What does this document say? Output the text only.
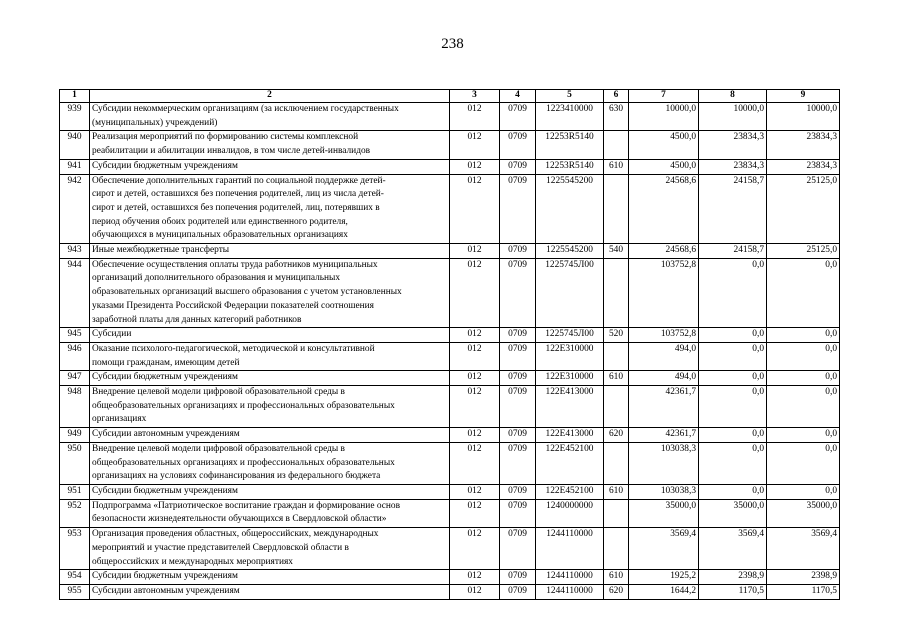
238
1	2	3	4	5	6	7	8	9
939	Субсидии некоммерческим организациям (за исключением государственных
(муниципальных) учреждений)	012	0709	1223410000	630	10000,0	10000,0	10000,0
940	Реализация мероприятий по формированию системы комплексной
реабилитации и абилитации инвалидов, в том числе детей-инвалидов	012	0709	12253R5140		4500,0	23834,3	23834,3
941	Субсидии бюджетным учреждениям	012	0709	12253R5140	610	4500,0	23834,3	23834,3
942	Обеспечение дополнительных гарантий по социальной поддержке детей-
сирот и детей, оставшихся без попечения родителей, лиц из числа детей-
сирот и детей, оставшихся без попечения родителей, лиц, потерявших в
период обучения обоих родителей или единственного родителя,
обучающихся в муниципальных образовательных организациях	012	0709	1225545200		24568,6	24158,7	25125,0
943	Иные межбюджетные трансферты	012	0709	1225545200	540	24568,6	24158,7	25125,0
944	Обеспечение осуществления оплаты труда работников муниципальных
организаций дополнительного образования и муниципальных
образовательных организаций высшего образования с учетом установленных
указами Президента Российской Федерации показателей соотношения
заработной платы для данных категорий работников	012	0709	1225745Л00		103752,8	0,0	0,0
945	Субсидии	012	0709	1225745Л00	520	103752,8	0,0	0,0
946	Оказание психолого-педагогической, методической и консультативной
помощи гражданам, имеющим детей	012	0709	122Е310000		494,0	0,0	0,0
947	Субсидии бюджетным учреждениям	012	0709	122Е310000	610	494,0	0,0	0,0
948	Внедрение целевой модели цифровой образовательной среды в
общеобразовательных организациях и профессиональных образовательных
организациях	012	0709	122Е413000		42361,7	0,0	0,0
949	Субсидии автономным учреждениям	012	0709	122Е413000	620	42361,7	0,0	0,0
950	Внедрение целевой модели цифровой образовательной среды в
общеобразовательных организациях и профессиональных образовательных
организациях на условиях софинансирования из федерального бюджета	012	0709	122Е452100		103038,3	0,0	0,0
951	Субсидии бюджетным учреждениям	012	0709	122Е452100	610	103038,3	0,0	0,0
952	Подпрограмма «Патриотическое воспитание граждан и формирование основ
безопасности жизнедеятельности обучающихся в Свердловской области»	012	0709	1240000000		35000,0	35000,0	35000,0
953	Организация проведения областных, общероссийских, международных
мероприятий и участие представителей Свердловской области в
общероссийских и международных мероприятиях	012	0709	1244110000		3569,4	3569,4	3569,4
954	Субсидии бюджетным учреждениям	012	0709	1244110000	610	1925,2	2398,9	2398,9
955	Субсидии автономным учреждениям	012	0709	1244110000	620	1644,2	1170,5	1170,5
